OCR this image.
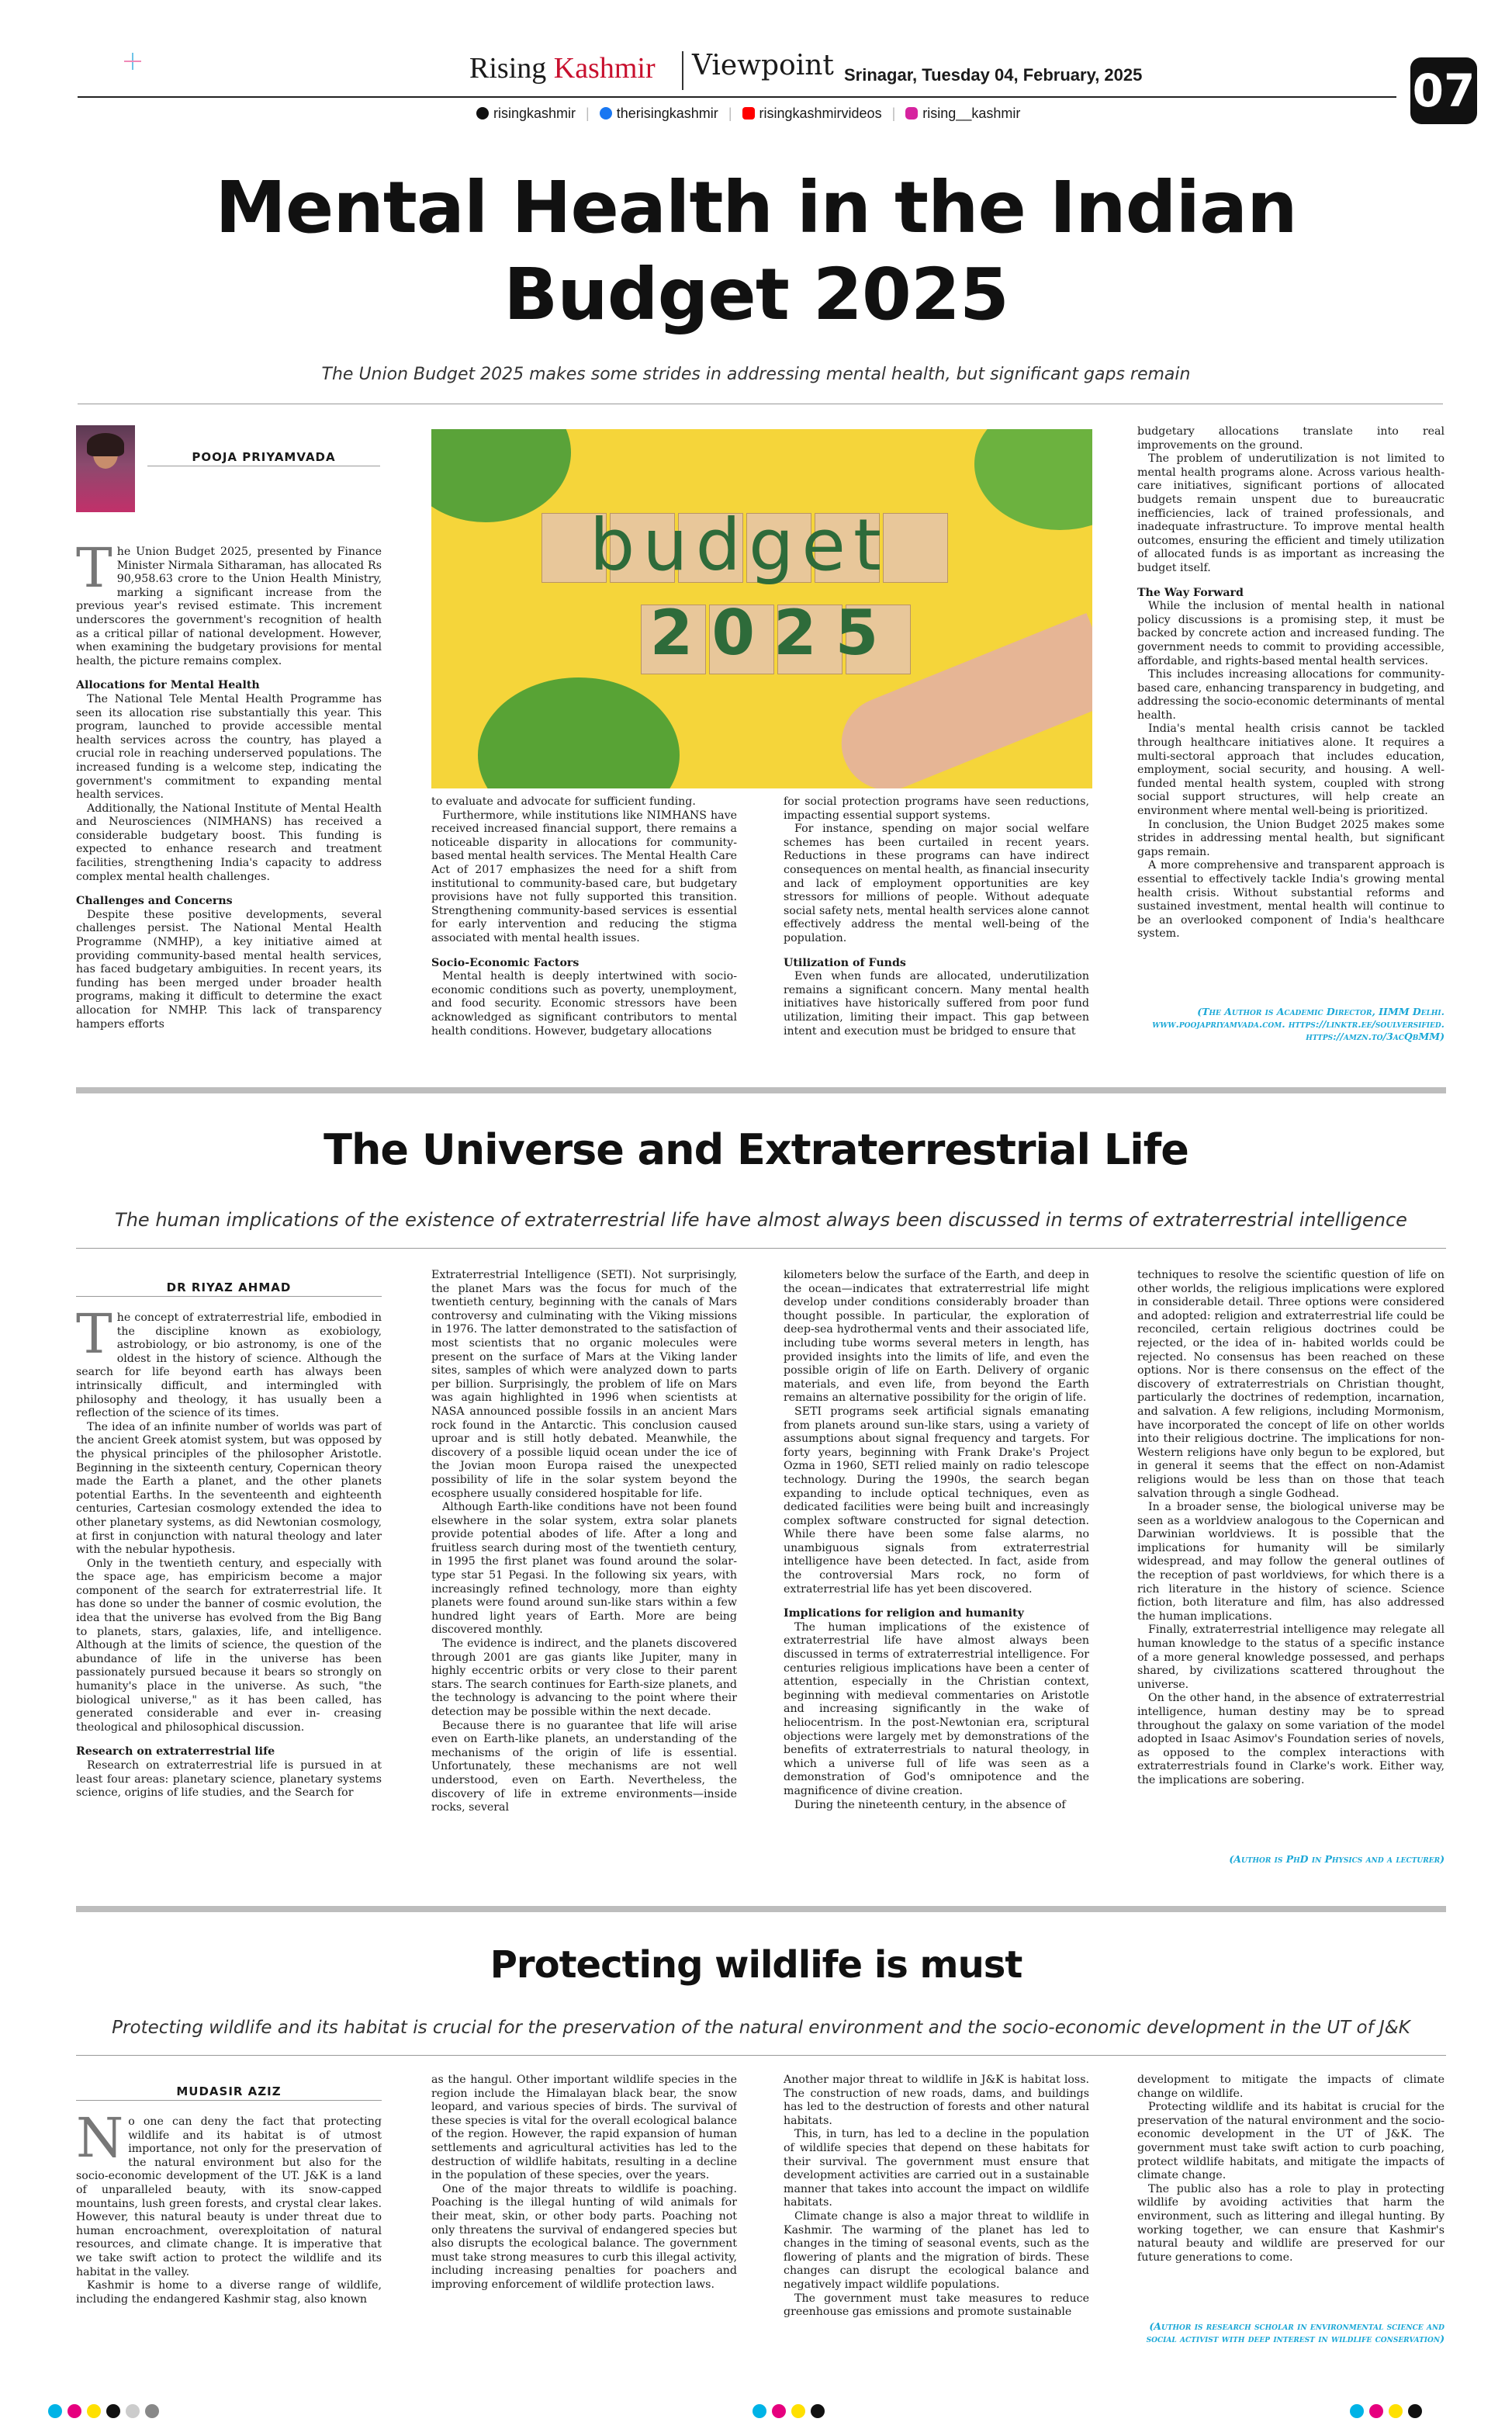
Rising Kashmir Viewpoint Srinagar, Tuesday 04, February, 2025	07
risingkashmir | therisingkashmir | risingkashmirvideos | rising__kashmir
Mental Health in the Indian
Budget 2025
The Union Budget 2025 makes some strides in addressing mental health, but significant gaps remain
POOJA PRIYAMVADA
budget
2025
T he Union Budget 2025, presented by Finance Minister Nirmala Sitharaman, has allocated Rs 90,958.63 crore to the Union Health Ministry, marking a significant increase from the previous year's revised estimate. This increment underscores the government's recognition of health as a critical pillar of national development. However, when examining the budgetary provisions for mental health, the picture remains complex.

Allocations for Mental Health

The National Tele Mental Health Programme has seen its allocation rise substantially this year. This program, launched to provide accessible mental health services across the country, has played a crucial role in reaching underserved populations. The increased funding is a welcome step, indicating the government's commitment to expanding mental health services.

Additionally, the National Institute of Mental Health and Neurosciences (NIMHANS) has received a considerable budgetary boost. This funding is expected to enhance research and treatment facilities, strengthening India's capacity to address complex mental health challenges.

Challenges and Concerns

Despite these positive developments, several challenges persist. The National Mental Health Programme (NMHP), a key initiative aimed at providing community-based mental health services, has faced budgetary ambiguities. In recent years, its funding has been merged under broader health programs, making it difficult to determine the exact allocation for NMHP. This lack of transparency hampers efforts

to evaluate and advocate for sufficient funding.

Furthermore, while institutions like NIMHANS have received increased financial support, there remains a noticeable disparity in allocations for community-based mental health services. The Mental Health Care Act of 2017 emphasizes the need for a shift from institutional to community-based care, but budgetary provisions have not fully supported this transition. Strengthening community-based services is essential for early intervention and reducing the stigma associated with mental health issues.

Socio-Economic Factors

Mental health is deeply intertwined with socio-economic conditions such as poverty, unemployment, and food security. Economic stressors have been acknowledged as significant contributors to mental health conditions. However, budgetary allocations

for social protection programs have seen reductions, impacting essential support systems.

For instance, spending on major social welfare schemes has been curtailed in recent years. Reductions in these programs can have indirect consequences on mental health, as financial insecurity and lack of employment opportunities are key stressors for millions of people. Without adequate social safety nets, mental health services alone cannot effectively address the mental well-being of the population.

Utilization of Funds

Even when funds are allocated, underutilization remains a significant concern. Many mental health initiatives have historically suffered from poor fund utilization, limiting their impact. This gap between intent and execution must be bridged to ensure that

budgetary allocations translate into real improvements on the ground.

The problem of underutilization is not limited to mental health programs alone. Across various health-care initiatives, significant portions of allocated budgets remain unspent due to bureaucratic inefficiencies, lack of trained professionals, and inadequate infrastructure. To improve mental health outcomes, ensuring the efficient and timely utilization of allocated funds is as important as increasing the budget itself.

The Way Forward

While the inclusion of mental health in national policy discussions is a promising step, it must be backed by concrete action and increased funding. The government needs to commit to providing accessible, affordable, and rights-based mental health services.

This includes increasing allocations for community-based care, enhancing transparency in budgeting, and addressing the socio-economic determinants of mental health.

India's mental health crisis cannot be tackled through healthcare initiatives alone. It requires a multi-sectoral approach that includes education, employment, social security, and housing. A well-funded mental health system, coupled with strong social support structures, will help create an environment where mental well-being is prioritized.

In conclusion, the Union Budget 2025 makes some strides in addressing mental health, but significant gaps remain.

A more comprehensive and transparent approach is essential to effectively tackle India's growing mental health crisis. Without substantial reforms and sustained investment, mental health will continue to be an overlooked component of India's healthcare system.

(The Author is Academic Director, IIMM Delhi. www.poojapriyamvada.com. https://linktr.ee/soulversified. https://amzn.to/3acQbMM)
The Universe and Extraterrestrial Life
The human implications of the existence of extraterrestrial life have almost always been discussed in terms of extraterrestrial intelligence
DR RIYAZ AHMAD
T he concept of extraterrestrial life, embodied in the discipline known as exobiology, astrobiology, or bio astronomy, is one of the oldest in the history of science. Although the search for life beyond earth has always been intrinsically difficult, and intermingled with philosophy and theology, it has usually been a reflection of the science of its times.

The idea of an infinite number of worlds was part of the ancient Greek atomist system, but was opposed by the physical principles of the philosopher Aristotle. Beginning in the sixteenth century, Copernican theory made the Earth a planet, and the other planets potential Earths. In the seventeenth and eighteenth centuries, Cartesian cosmology extended the idea to other planetary systems, as did Newtonian cosmology, at first in conjunction with natural theology and later with the nebular hypothesis.

Only in the twentieth century, and especially with the space age, has empiricism become a major component of the search for extraterrestrial life. It has done so under the banner of cosmic evolution, the idea that the universe has evolved from the Big Bang to planets, stars, galaxies, life, and intelligence. Although at the limits of science, the question of the abundance of life in the universe has been passionately pursued because it bears so strongly on humanity's place in the universe. As such, "the biological universe," as it has been called, has generated considerable and ever in- creasing theological and philosophical discussion.

Research on extraterrestrial life

Research on extraterrestrial life is pursued in at least four areas: planetary science, planetary systems science, origins of life studies, and the Search for

Extraterrestrial Intelligence (SETI). Not surprisingly, the planet Mars was the focus for much of the twentieth century, beginning with the canals of Mars controversy and culminating with the Viking missions in 1976. The latter demonstrated to the satisfaction of most scientists that no organic molecules were present on the surface of Mars at the Viking lander sites, samples of which were analyzed down to parts per billion. Surprisingly, the problem of life on Mars was again highlighted in 1996 when scientists at NASA announced possible fossils in an ancient Mars rock found in the Antarctic. This conclusion caused uproar and is still hotly debated. Meanwhile, the discovery of a possible liquid ocean under the ice of the Jovian moon Europa raised the unexpected possibility of life in the solar system beyond the ecosphere usually considered hospitable for life.

Although Earth-like conditions have not been found elsewhere in the solar system, extra solar planets provide potential abodes of life. After a long and fruitless search during most of the twentieth century, in 1995 the first planet was found around the solar-type star 51 Pegasi. In the following six years, with increasingly refined technology, more than eighty planets were found around sun-like stars within a few hundred light years of Earth. More are being discovered monthly.

The evidence is indirect, and the planets discovered through 2001 are gas giants like Jupiter, many in highly eccentric orbits or very close to their parent stars. The search continues for Earth-size planets, and the technology is advancing to the point where their detection may be possible within the next decade.

Because there is no guarantee that life will arise even on Earth-like planets, an understanding of the mechanisms of the origin of life is essential. Unfortunately, these mechanisms are not well understood, even on Earth. Nevertheless, the discovery of life in extreme environments—inside rocks, several

kilometers below the surface of the Earth, and deep in the ocean—indicates that extraterrestrial life might develop under conditions considerably broader than thought possible. In particular, the exploration of deep-sea hydrothermal vents and their associated life, including tube worms several meters in length, has provided insights into the limits of life, and even the possible origin of life on Earth. Delivery of organic materials, and even life, from beyond the Earth remains an alternative possibility for the origin of life.

SETI programs seek artificial signals emanating from planets around sun-like stars, using a variety of assumptions about signal frequency and targets. For forty years, beginning with Frank Drake's Project Ozma in 1960, SETI relied mainly on radio telescope technology. During the 1990s, the search began expanding to include optical techniques, even as dedicated facilities were being built and increasingly complex software constructed for signal detection. While there have been some false alarms, no unambiguous signals from extraterrestrial intelligence have been detected. In fact, aside from the controversial Mars rock, no form of extraterrestrial life has yet been discovered.

Implications for religion and humanity

The human implications of the existence of extraterrestrial life have almost always been discussed in terms of extraterrestrial intelligence. For centuries religious implications have been a center of attention, especially in the Christian context, beginning with medieval commentaries on Aristotle and increasing significantly in the wake of heliocentrism. In the post-Newtonian era, scriptural objections were largely met by demonstrations of the benefits of extraterrestrials to natural theology, in which a universe full of life was seen as a demonstration of God's omnipotence and the magnificence of divine creation.

During the nineteenth century, in the absence of

techniques to resolve the scientific question of life on other worlds, the religious implications were explored in considerable detail. Three options were considered and adopted: religion and extraterrestrial life could be reconciled, certain religious doctrines could be rejected, or the idea of in- habited worlds could be rejected. No consensus has been reached on these options. Nor is there consensus on the effect of the discovery of extraterrestrials on Christian thought, particularly the doctrines of redemption, incarnation, and salvation. A few religions, including Mormonism, have incorporated the concept of life on other worlds into their religious doctrine. The implications for non-Western religions have only begun to be explored, but in general it seems that the effect on non-Adamist religions would be less than on those that teach salvation through a single Godhead.

In a broader sense, the biological universe may be seen as a worldview analogous to the Copernican and Darwinian worldviews. It is possible that the implications for humanity will be similarly widespread, and may follow the general outlines of the reception of past worldviews, for which there is a rich literature in the history of science. Science fiction, both literature and film, has also addressed the human implications.

Finally, extraterrestrial intelligence may relegate all human knowledge to the status of a specific instance of a more general knowledge possessed, and perhaps shared, by civilizations scattered throughout the universe.

On the other hand, in the absence of extraterrestrial intelligence, human destiny may be to spread throughout the galaxy on some variation of the model adopted in Isaac Asimov's Foundation series of novels, as opposed to the complex interactions with extraterrestrials found in Clarke's work. Either way, the implications are sobering.

(Author is PhD in Physics and a lecturer)
Protecting wildlife is must
Protecting wildlife and its habitat is crucial for the preservation of the natural environment and the socio-economic development in the UT of J&K
MUDASIR AZIZ
N o one can deny the fact that protecting wildlife and its habitat is of utmost importance, not only for the preservation of the natural environment but also for the socio-economic development of the UT. J&K is a land of unparalleled beauty, with its snow-capped mountains, lush green forests, and crystal clear lakes. However, this natural beauty is under threat due to human encroachment, overexploitation of natural resources, and climate change. It is imperative that we take swift action to protect the wildlife and its habitat in the valley.

Kashmir is home to a diverse range of wildlife, including the endangered Kashmir stag, also known

as the hangul. Other important wildlife species in the region include the Himalayan black bear, the snow leopard, and various species of birds. The survival of these species is vital for the overall ecological balance of the region. However, the rapid expansion of human settlements and agricultural activities has led to the destruction of wildlife habitats, resulting in a decline in the population of these species, over the years.

One of the major threats to wildlife is poaching. Poaching is the illegal hunting of wild animals for their meat, skin, or other body parts. Poaching not only threatens the survival of endangered species but also disrupts the ecological balance. The government must take strong measures to curb this illegal activity, including increasing penalties for poachers and improving enforcement of wildlife protection laws.

Another major threat to wildlife in J&K is habitat loss. The construction of new roads, dams, and buildings has led to the destruction of forests and other natural habitats.

This, in turn, has led to a decline in the population of wildlife species that depend on these habitats for their survival. The government must ensure that development activities are carried out in a sustainable manner that takes into account the impact on wildlife habitats.

Climate change is also a major threat to wildlife in Kashmir. The warming of the planet has led to changes in the timing of seasonal events, such as the flowering of plants and the migration of birds. These changes can disrupt the ecological balance and negatively impact wildlife populations.

The government must take measures to reduce greenhouse gas emissions and promote sustainable

development to mitigate the impacts of climate change on wildlife.

Protecting wildlife and its habitat is crucial for the preservation of the natural environment and the socio-economic development in the UT of J&K. The government must take swift action to curb poaching, protect wildlife habitats, and mitigate the impacts of climate change.

The public also has a role to play in protecting wildlife by avoiding activities that harm the environment, such as littering and illegal hunting. By working together, we can ensure that Kashmir's natural beauty and wildlife are preserved for our future generations to come.

(Author is research scholar in environmental science and social activist with deep interest in wildlife conservation)
